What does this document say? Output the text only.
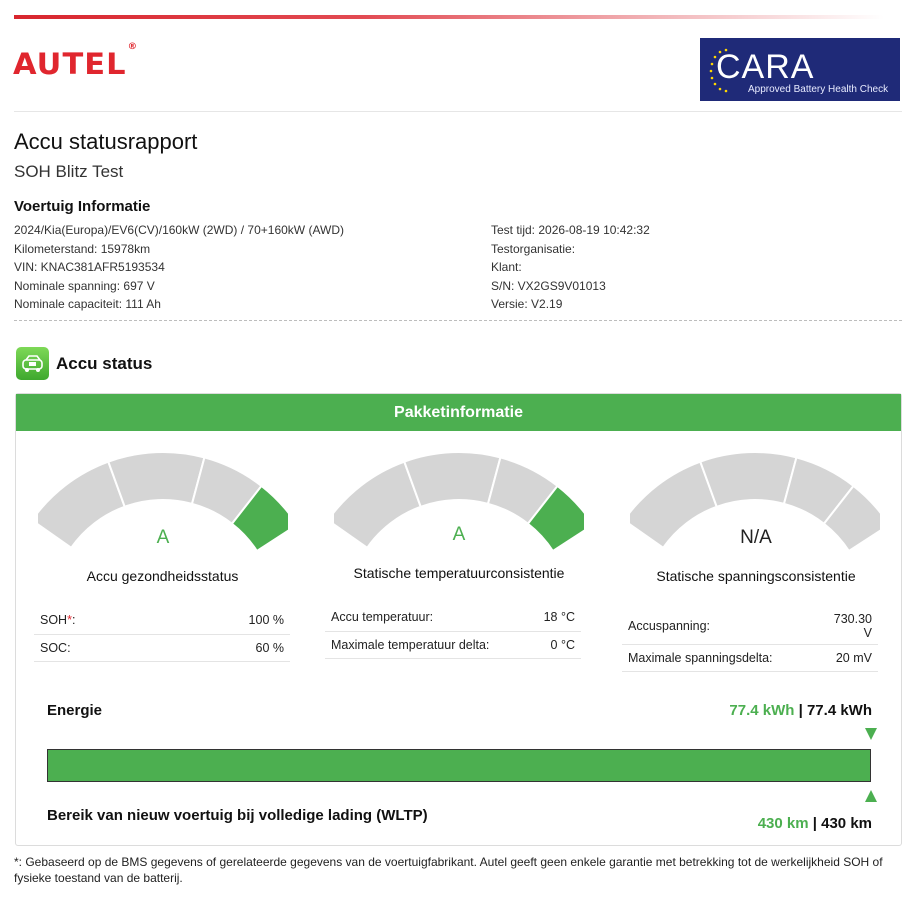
AUTEL®
CARA
Approved Battery Health Check
Accu statusrapport
SOH Blitz Test
Voertuig Informatie
2024/Kia(Europa)/EV6(CV)/160kW (2WD) / 70+160kW (AWD)
Kilometerstand: 15978km
VIN: KNAC381AFR5193534
Nominale spanning: 697 V
Nominale capaciteit: 111 Ah
Test tijd: 2026-08-19 10:42:32
Testorganisatie:
Klant:
S/N: VX2GS9V01013
Versie: V2.19
Accu status
Pakketinformatie
A
Accu gezondheidsstatus
SOH*:	100 %
SOC:	60 %
A
Statische temperatuurconsistentie
Accu temperatuur:	18 °C
Maximale temperatuur delta:	0 °C
N/A
Statische spanningsconsistentie
Accuspanning:	730.30 V
Maximale spanningsdelta:	20 mV
Energie	77.4 kWh | 77.4 kWh
Bereik van nieuw voertuig bij volledige lading (WLTP)	430 km | 430 km
*: Gebaseerd op de BMS gegevens of gerelateerde gegevens van de voertuigfabrikant. Autel geeft geen enkele garantie met betrekking tot de werkelijkheid SOH of fysieke toestand van de batterij.
